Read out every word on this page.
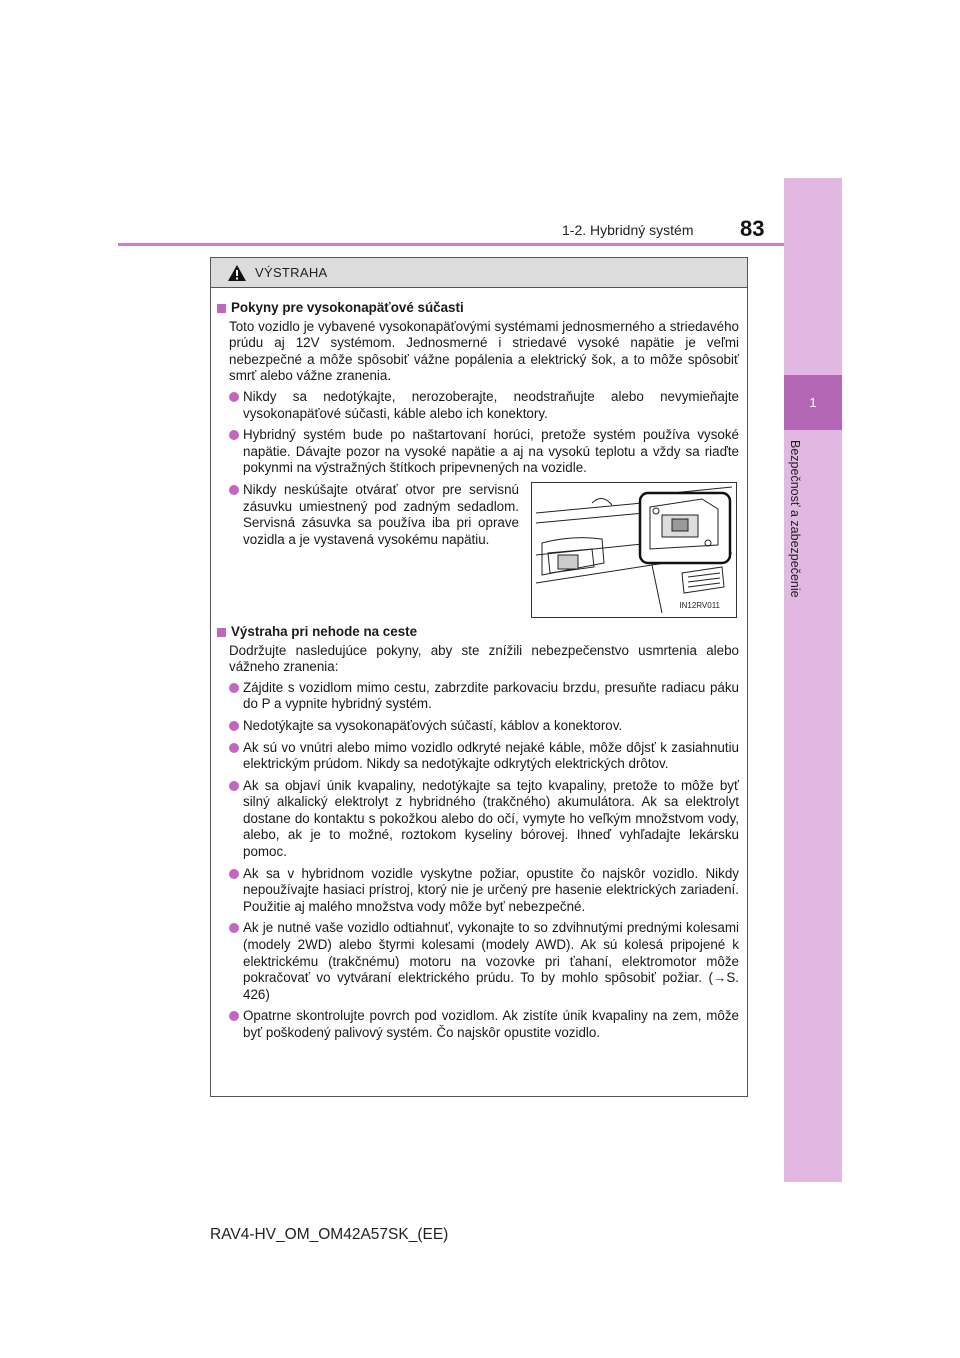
1
Bezpečnosť a zabezpečenie
1-2. Hybridný systém 83
VÝSTRAHA
Pokyny pre vysokonapäťové súčasti
Toto vozidlo je vybavené vysokonapäťovými systémami jednosmerného a striedavého prúdu aj 12V systémom. Jednosmerné i striedavé vysoké napätie je veľmi nebezpečné a môže spôsobiť vážne popálenia a elektrický šok, a to môže spôsobiť smrť alebo vážne zranenia.
Nikdy sa nedotýkajte, nerozoberajte, neodstraňujte alebo nevymieňajte vysokonapäťové súčasti, káble alebo ich konektory.
Hybridný systém bude po naštartovaní horúci, pretože systém používa vysoké napätie. Dávajte pozor na vysoké napätie a aj na vysokú teplotu a vždy sa riaďte pokynmi na výstražných štítkoch pripevnených na vozidle.
Nikdy neskúšajte otvárať otvor pre servisnú zásuvku umiestnený pod zadným sedadlom. Servisná zásuvka sa používa iba pri oprave vozidla a je vystavená vysokému napätiu.
IN12RV011
Výstraha pri nehode na ceste
Dodržujte nasledujúce pokyny, aby ste znížili nebezpečenstvo usmrtenia alebo vážneho zranenia:
Zájdite s vozidlom mimo cestu, zabrzdite parkovaciu brzdu, presuňte radiacu páku do P a vypnite hybridný systém.
Nedotýkajte sa vysokonapäťových súčastí, káblov a konektorov.
Ak sú vo vnútri alebo mimo vozidlo odkryté nejaké káble, môže dôjsť k zasiahnutiu elektrickým prúdom. Nikdy sa nedotýkajte odkrytých elektrických drôtov.
Ak sa objaví únik kvapaliny, nedotýkajte sa tejto kvapaliny, pretože to môže byť silný alkalický elektrolyt z hybridného (trakčného) akumulátora. Ak sa elektrolyt dostane do kontaktu s pokožkou alebo do očí, vymyte ho veľkým množstvom vody, alebo, ak je to možné, roztokom kyseliny bórovej. Ihneď vyhľadajte lekársku pomoc.
Ak sa v hybridnom vozidle vyskytne požiar, opustite čo najskôr vozidlo. Nikdy nepoužívajte hasiaci prístroj, ktorý nie je určený pre hasenie elektrických zariadení. Použitie aj malého množstva vody môže byť nebezpečné.
Ak je nutné vaše vozidlo odtiahnuť, vykonajte to so zdvihnutými prednými kolesami (modely 2WD) alebo štyrmi kolesami (modely AWD). Ak sú kolesá pripojené k elektrickému (trakčnému) motoru na vozovke pri ťahaní, elektromotor môže pokračovať vo vytváraní elektrického prúdu. To by mohlo spôsobiť požiar. (→S. 426)
Opatrne skontrolujte povrch pod vozidlom. Ak zistíte únik kvapaliny na zem, môže byť poškodený palivový systém. Čo najskôr opustite vozidlo.
RAV4-HV_OM_OM42A57SK_(EE)
